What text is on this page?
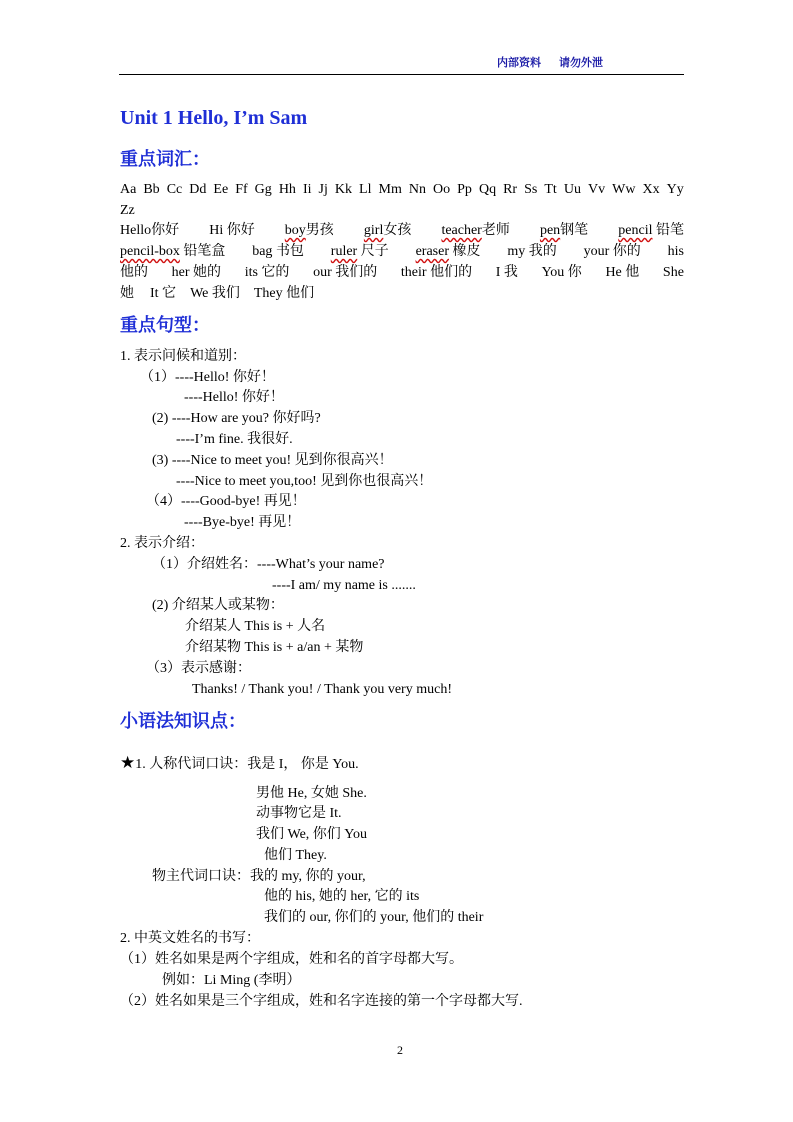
内部资料 请勿外泄
Unit 1 Hello, I’m Sam
重点词汇：
Aa Bb Cc Dd Ee Ff Gg Hh Ii Jj Kk Ll Mm Nn Oo Pp Qq Rr Ss Tt Uu Vv Ww Xx Yy
Zz
Hello你好 Hi 你好 boy男孩 girl女孩 teacher老师 pen钢笔 pencil 铅笔
pencil-box 铅笔盒 bag 书包 ruler 尺子 eraser 橡皮 my 我的 your 你的 his
他的 her 她的 its 它的 our 我们的 their 他们的 I 我 You 你 He 他 She
她 It 它 We 我们 They 他们
重点句型：
1. 表示问候和道别：
（1）----Hello! 你好！
----Hello! 你好！
(2) ----How are you? 你好吗?
----I’m fine. 我很好.
(3) ----Nice to meet you! 见到你很高兴！
----Nice to meet you,too! 见到你也很高兴！
（4）----Good-bye! 再见！
----Bye-bye! 再见！
2. 表示介绍：
（1）介绍姓名：----What’s your name?
----I am/ my name is .......
(2) 介绍某人或某物：
介绍某人 This is + 人名
介绍某物 This is + a/an + 某物
（3）表示感谢：
Thanks! / Thank you! / Thank you very much!
小语法知识点：
★1. 人称代词口诀：我是 I， 你是 You.
男他 He, 女她 She.
动事物它是 It.
我们 We, 你们 You
他们 They.
物主代词口诀：我的 my, 你的 your,
他的 his, 她的 her, 它的 its
我们的 our, 你们的 your, 他们的 their
2. 中英文姓名的书写：
（1）姓名如果是两个字组成，姓和名的首字母都大写。
例如：Li Ming (李明）
（2）姓名如果是三个字组成，姓和名字连接的第一个字母都大写.
2
